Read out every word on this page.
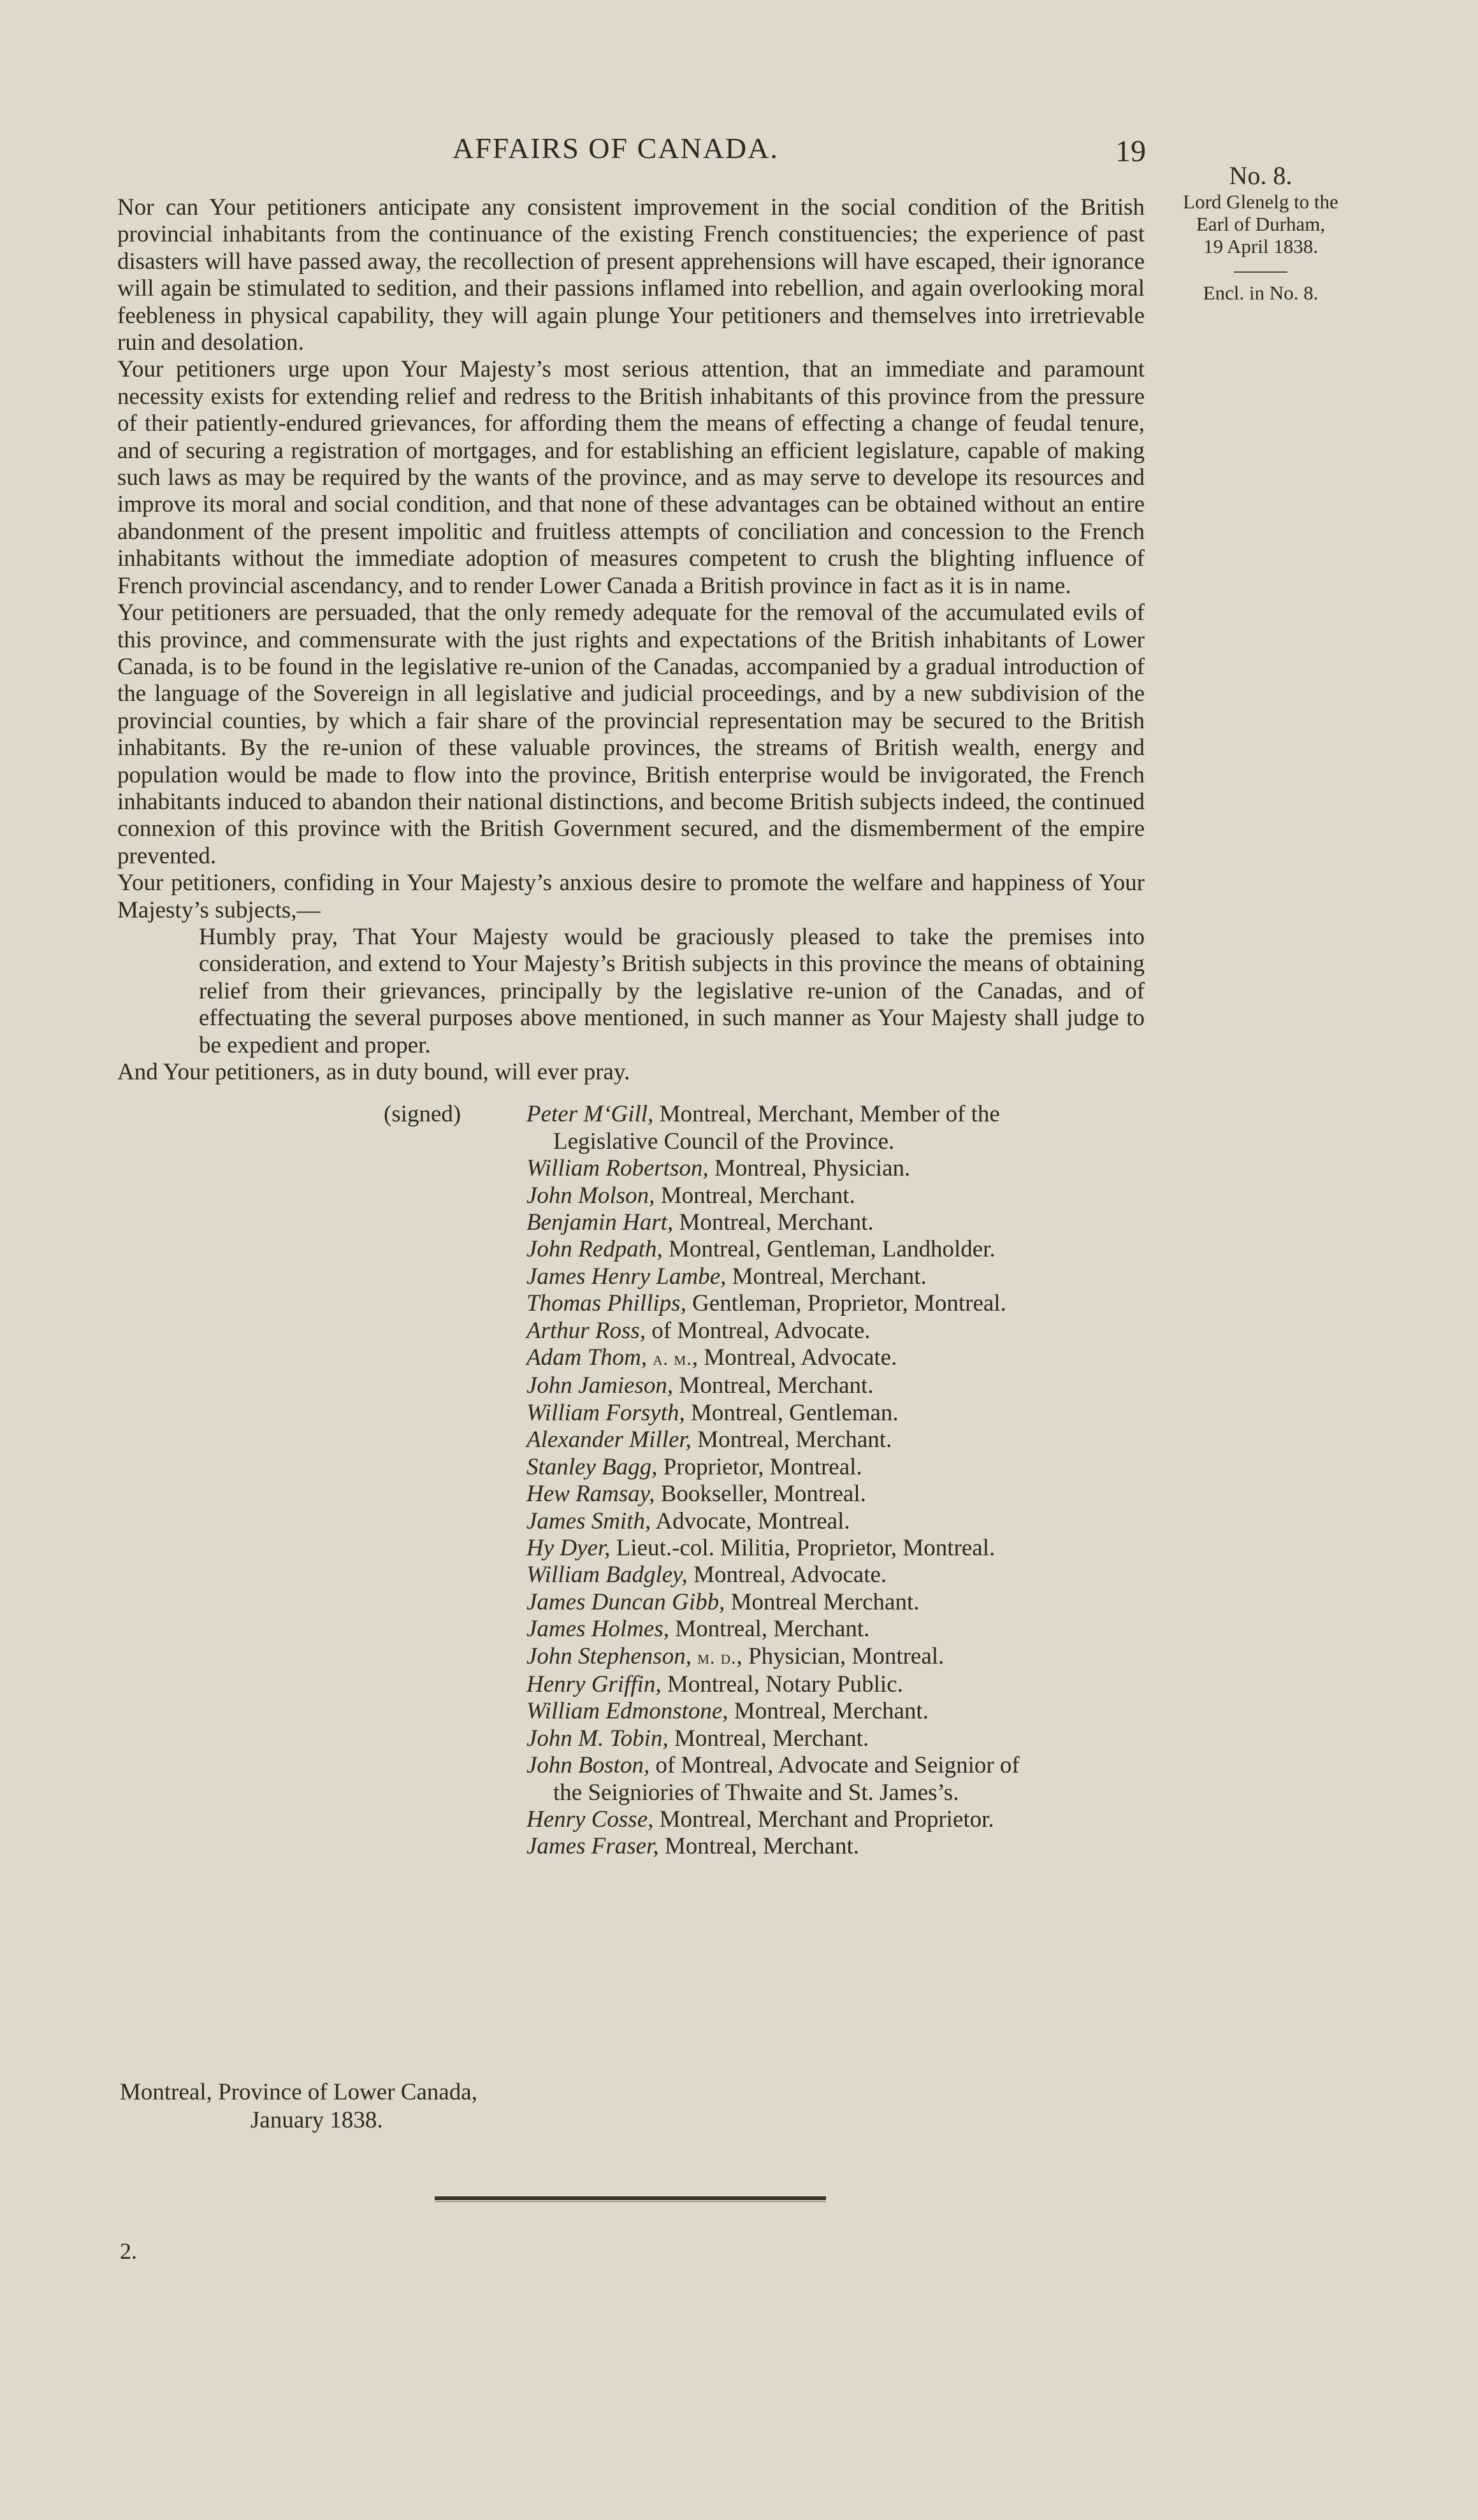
AFFAIRS OF CANADA.	19
No. 8.
Lord Glenelg to the
Earl of Durham,
19 April 1838.
Encl. in No. 8.

Nor can Your petitioners anticipate any consistent improvement in the social condition of the British provincial inhabitants from the continuance of the existing French constituencies; the experience of past disasters will have passed away, the recollection of present apprehensions will have escaped, their ignorance will again be stimulated to sedition, and their passions inflamed into rebellion, and again overlooking moral feebleness in physical capability, they will again plunge Your petitioners and themselves into irretrievable ruin and desolation.

Your petitioners urge upon Your Majesty’s most serious attention, that an immediate and paramount necessity exists for extending relief and redress to the British inhabitants of this province from the pressure of their patiently-endured grievances, for affording them the means of effecting a change of feudal tenure, and of securing a registration of mortgages, and for establishing an efficient legislature, capable of making such laws as may be required by the wants of the province, and as may serve to develope its resources and improve its moral and social condition, and that none of these advantages can be obtained without an entire abandonment of the present impolitic and fruitless attempts of conciliation and concession to the French inhabitants without the immediate adoption of measures competent to crush the blighting influence of French provincial ascendancy, and to render Lower Canada a British province in fact as it is in name.

Your petitioners are persuaded, that the only remedy adequate for the removal of the accumulated evils of this province, and commensurate with the just rights and expectations of the British inhabitants of Lower Canada, is to be found in the legislative re-union of the Canadas, accompanied by a gradual introduction of the language of the Sovereign in all legislative and judicial proceedings, and by a new subdivision of the provincial counties, by which a fair share of the provincial representation may be secured to the British inhabitants. By the re-union of these valuable provinces, the streams of British wealth, energy and population would be made to flow into the province, British enterprise would be invigorated, the French inhabitants induced to abandon their national distinctions, and become British subjects indeed, the continued connexion of this province with the British Government secured, and the dismemberment of the empire prevented.

Your petitioners, confiding in Your Majesty’s anxious desire to promote the welfare and happiness of Your Majesty’s subjects,—

Humbly pray, That Your Majesty would be graciously pleased to take the premises into consideration, and extend to Your Majesty’s British subjects in this province the means of obtaining relief from their grievances, principally by the legislative re-union of the Canadas, and of effectuating the several purposes above mentioned, in such manner as Your Majesty shall judge to be expedient and proper.

And Your petitioners, as in duty bound, will ever pray.

(signed)	Peter M‘Gill, Montreal, Merchant, Member of the
Legislative Council of the Province.
William Robertson, Montreal, Physician.
John Molson, Montreal, Merchant.
Benjamin Hart, Montreal, Merchant.
John Redpath, Montreal, Gentleman, Landholder.
James Henry Lambe, Montreal, Merchant.
Thomas Phillips, Gentleman, Proprietor, Montreal.
Arthur Ross, of Montreal, Advocate.
Adam Thom, a. m., Montreal, Advocate.
John Jamieson, Montreal, Merchant.
William Forsyth, Montreal, Gentleman.
Alexander Miller, Montreal, Merchant.
Stanley Bagg, Proprietor, Montreal.
Hew Ramsay, Bookseller, Montreal.
James Smith, Advocate, Montreal.
Hy Dyer, Lieut.-col. Militia, Proprietor, Montreal.
William Badgley, Montreal, Advocate.
James Duncan Gibb, Montreal Merchant.
James Holmes, Montreal, Merchant.
John Stephenson, m. d., Physician, Montreal.
Henry Griffin, Montreal, Notary Public.
William Edmonstone, Montreal, Merchant.
John M. Tobin, Montreal, Merchant.
John Boston, of Montreal, Advocate and Seignior of
the Seigniories of Thwaite and St. James’s.
Henry Cosse, Montreal, Merchant and Proprietor.
James Fraser, Montreal, Merchant.
Montreal, Province of Lower Canada,
January 1838.
2.
